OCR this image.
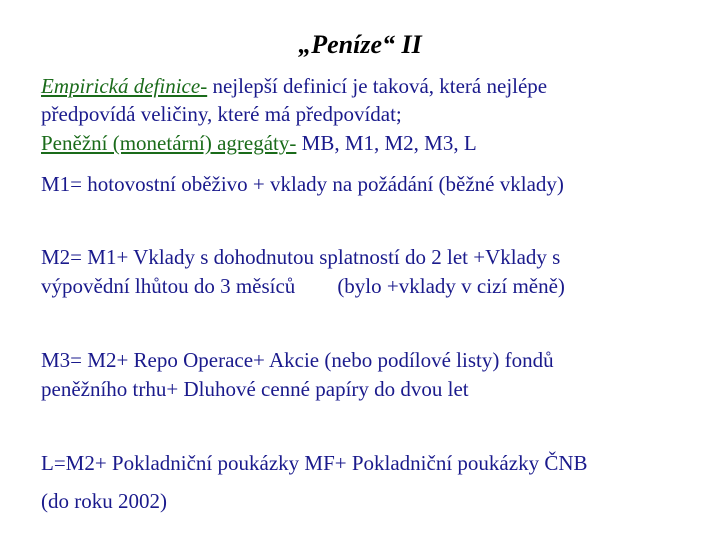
„Peníze“ II
Empirická definice- nejlepší definicí je taková, která nejlépe
předpovídá veličiny, které má předpovídat;
Peněžní (monetární) agregáty- MB, M1, M2, M3, L
M1= hotovostní oběživo + vklady na požádání (běžné vklady)
M2= M1+ Vklady s dohodnutou splatností do 2 let +Vklady s
výpovědní lhůtou do 3 měsíců (bylo +vklady v cizí měně)
M3= M2+ Repo Operace+ Akcie (nebo podílové listy) fondů
peněžního trhu+ Dluhové cenné papíry do dvou let
L=M2+ Pokladniční poukázky MF+ Pokladniční poukázky ČNB
(do roku 2002)
